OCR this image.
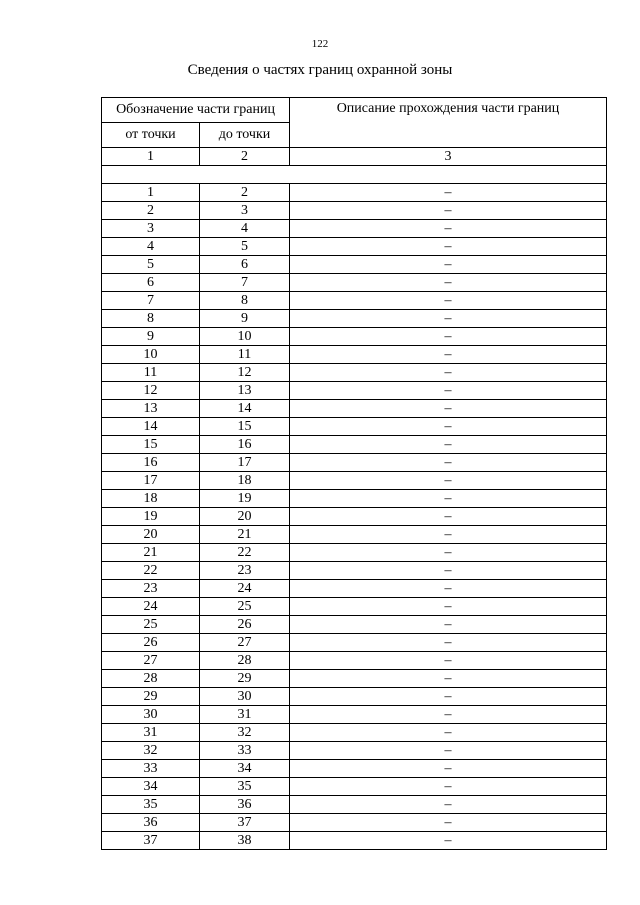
122
Сведения о частях границ охранной зоны
Обозначение части границ		Описание прохождения части границ
от точки	до точки	
1	2	3

1	2	–
2	3	–
3	4	–
4	5	–
5	6	–
6	7	–
7	8	–
8	9	–
9	10	–
10	11	–
11	12	–
12	13	–
13	14	–
14	15	–
15	16	–
16	17	–
17	18	–
18	19	–
19	20	–
20	21	–
21	22	–
22	23	–
23	24	–
24	25	–
25	26	–
26	27	–
27	28	–
28	29	–
29	30	–
30	31	–
31	32	–
32	33	–
33	34	–
34	35	–
35	36	–
36	37	–
37	38	–
